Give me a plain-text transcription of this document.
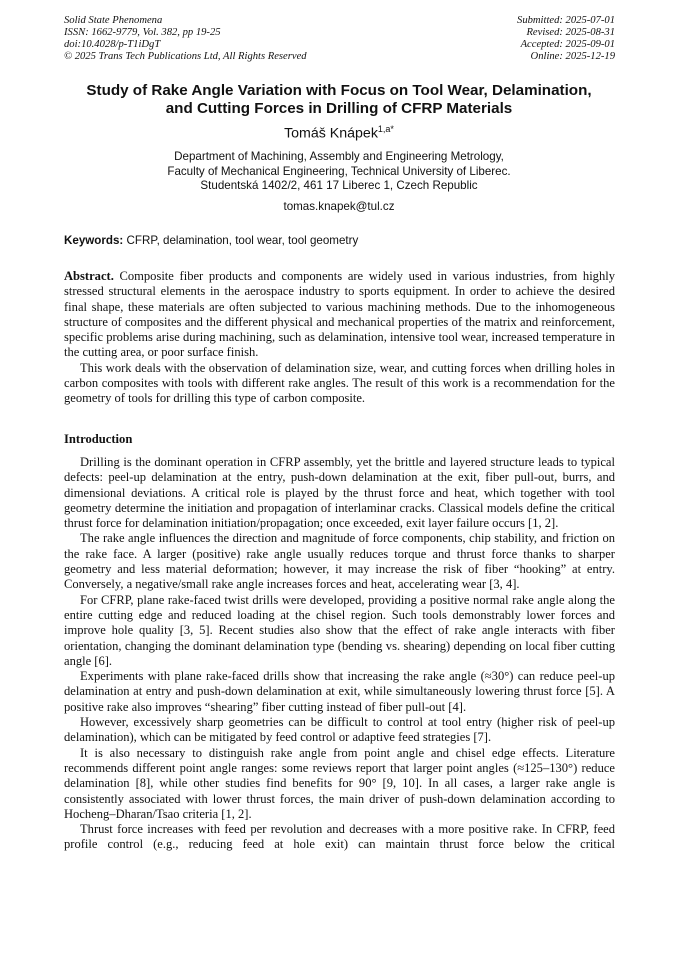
Solid State Phenomena
ISSN: 1662-9779, Vol. 382, pp 19-25
doi:10.4028/p-T1iDgT
© 2025 Trans Tech Publications Ltd, All Rights Reserved
Submitted: 2025-07-01
Revised: 2025-08-31
Accepted: 2025-09-01
Online: 2025-12-19
Study of Rake Angle Variation with Focus on Tool Wear, Delamination,
and Cutting Forces in Drilling of CFRP Materials
Tomáš Knápek$^{1,a*}$
Department of Machining, Assembly and Engineering Metrology,
Faculty of Mechanical Engineering, Technical University of Liberec.
Studentská 1402/2, 461 17 Liberec 1, Czech Republic
tomas.knapek@tul.cz
Keywords: CFRP, delamination, tool wear, tool geometry

Abstract. Composite fiber products and components are widely used in various industries, from highly stressed structural elements in the aerospace industry to sports equipment. In order to achieve the desired final shape, these materials are often subjected to various machining methods. Due to the inhomogeneous structure of composites and the different physical and mechanical properties of the matrix and reinforcement, specific problems arise during machining, such as delamination, intensive tool wear, increased temperature in the cutting area, or poor surface finish.

This work deals with the observation of delamination size, wear, and cutting forces when drilling holes in carbon composites with tools with different rake angles. The result of this work is a recommendation for the geometry of tools for drilling this type of carbon composite.

Introduction

Drilling is the dominant operation in CFRP assembly, yet the brittle and layered structure leads to typical defects: peel-up delamination at the entry, push-down delamination at the exit, fiber pull-out, burrs, and dimensional deviations. A critical role is played by the thrust force and heat, which together with tool geometry determine the initiation and propagation of interlaminar cracks. Classical models define the critical thrust force for delamination initiation/propagation; once exceeded, exit layer failure occurs [1, 2].

The rake angle influences the direction and magnitude of force components, chip stability, and friction on the rake face. A larger (positive) rake angle usually reduces torque and thrust force thanks to sharper geometry and less material deformation; however, it may increase the risk of fiber “hooking” at entry. Conversely, a negative/small rake angle increases forces and heat, accelerating wear [3, 4].

For CFRP, plane rake-faced twist drills were developed, providing a positive normal rake angle along the entire cutting edge and reduced loading at the chisel region. Such tools demonstrably lower forces and improve hole quality [3, 5]. Recent studies also show that the effect of rake angle interacts with fiber orientation, changing the dominant delamination type (bending vs. shearing) depending on local fiber cutting angle [6].

Experiments with plane rake-faced drills show that increasing the rake angle (≈30°) can reduce peel-up delamination at entry and push-down delamination at exit, while simultaneously lowering thrust force [5]. A positive rake also improves “shearing” fiber cutting instead of fiber pull-out [4].

However, excessively sharp geometries can be difficult to control at tool entry (higher risk of peel-up delamination), which can be mitigated by feed control or adaptive feed strategies [7].

It is also necessary to distinguish rake angle from point angle and chisel edge effects. Literature recommends different point angle ranges: some reviews report that larger point angles (≈125–130°) reduce delamination [8], while other studies find benefits for 90° [9, 10]. In all cases, a larger rake angle is consistently associated with lower thrust forces, the main driver of push-down delamination according to Hocheng–Dharan/Tsao criteria [1, 2].

Thrust force increases with feed per revolution and decreases with a more positive rake. In CFRP, feed profile control (e.g., reducing feed at hole exit) can maintain thrust force below the critical
